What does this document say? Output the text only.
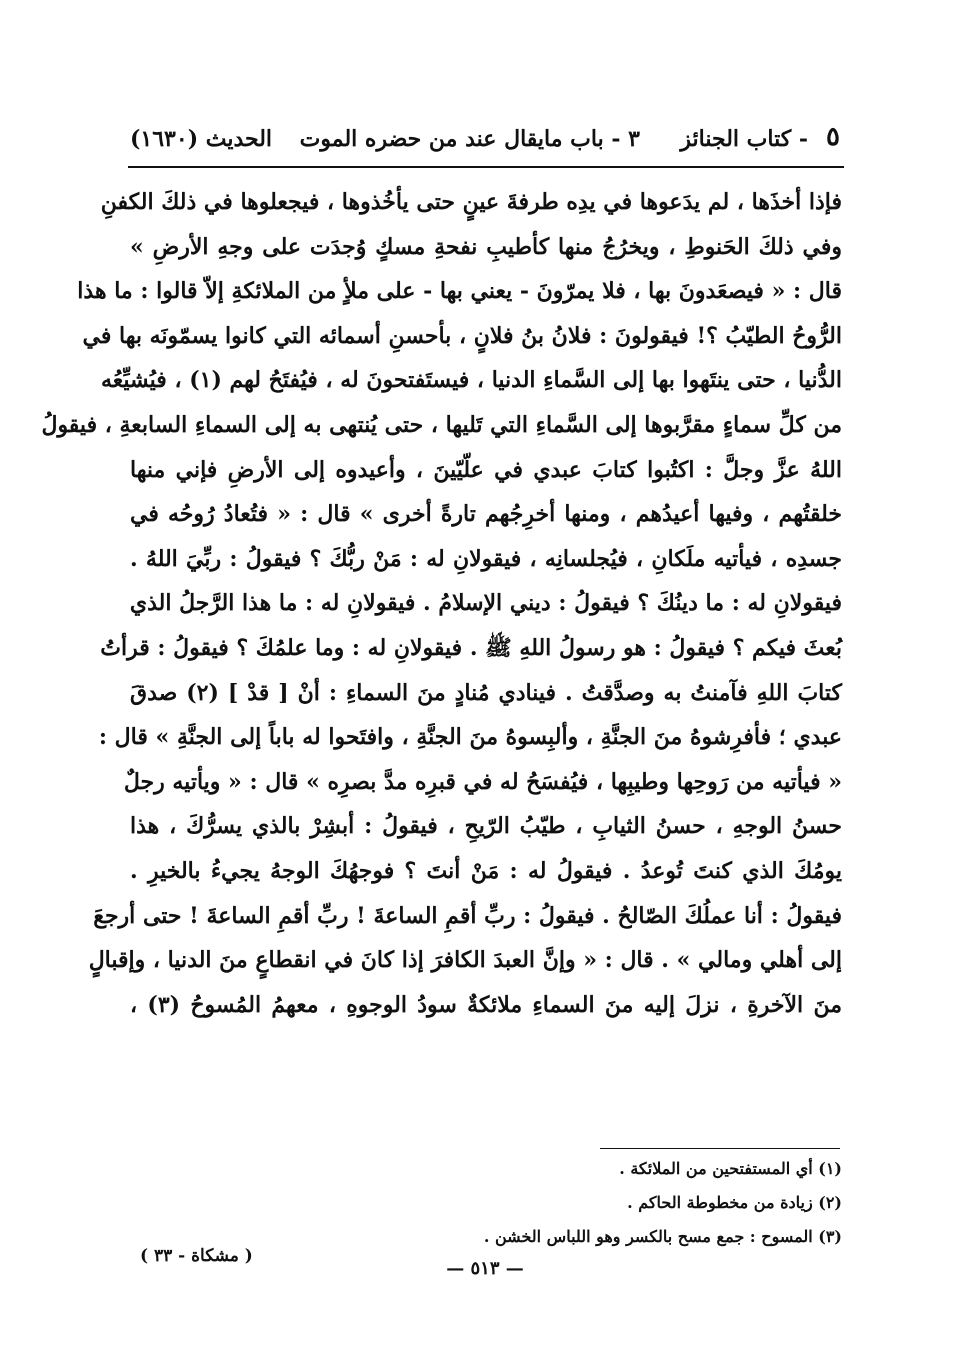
٥
- كتاب الجنائز
٣ - باب مايقال عند من حضره الموت
الحديث (١٦٣٠)
فإذا أخذَها ، لم يدَعوها في يدِه طرفةَ عينٍ حتى يأخُذوها ، فيجعلوها في ذلكَ الكفنِ
وفي ذلكَ الحَنوطِ ، ويخرُجُ منها كأطيبِ نفحةِ مسكٍ وُجدَت على وجهِ الأرضِ »
قال : « فيصعَدونَ بها ، فلا يمرّونَ - يعني بها - على ملأٍ من الملائكةِ إلاّ قالوا : ما هذا
الرُّوحُ الطيّبُ ؟! فيقولونَ : فلانُ بنُ فلانٍ ، بأحسنِ أسمائه التي كانوا يسمّونَه بها في
الدُّنيا ، حتى ينتَهوا بها إلى السَّماءِ الدنيا ، فيستَفتحونَ له ، فيُفتَحُ لهم (١) ، فيُشيِّعُه
من كلِّ سماءٍ مقرَّبوها إلى السَّماءِ التي تَليها ، حتى يُنتهى به إلى السماءِ السابعةِ ، فيقولُ
اللهُ عزَّ وجلَّ : اكتُبوا كتابَ عبدي في علّيّينَ ، وأعيدوه إلى الأرضِ فإني منها
خلقتُهم ، وفيها أعيدُهم ، ومنها أخرِجُهم تارةً أخرى » قال : « فتُعادُ رُوحُه في
جسدِه ، فيأتيه ملَكانِ ، فيُجلسانِه ، فيقولانِ له : مَنْ ربُّكَ ؟ فيقولُ : ربِّيَ اللهُ .
فيقولانِ له : ما دينُكَ ؟ فيقولُ : ديني الإسلامُ . فيقولانِ له : ما هذا الرَّجلُ الذي
بُعثَ فيكم ؟ فيقولُ : هو رسولُ اللهِ ﷺ . فيقولانِ له : وما علمُكَ ؟ فيقولُ : قرأتُ
كتابَ اللهِ فآمنتُ به وصدَّقتُ . فينادي مُنادٍ منَ السماءِ : أنْ [ قدْ ] (٢) صدقَ
عبدي ؛ فأفرِشوهُ منَ الجنَّةِ ، وألبِسوهُ منَ الجنَّةِ ، وافتَحوا له باباً إلى الجنَّةِ » قال :
« فيأتيه من رَوحِها وطيبِها ، فيُفسَحُ له في قبرِه مدَّ بصرِه » قال : « ويأتيه رجلٌ
حسنُ الوجهِ ، حسنُ الثيابِ ، طيّبُ الرّيحِ ، فيقولُ : أبشِرْ بالذي يسرُّكَ ، هذا
يومُكَ الذي كنتَ تُوعدُ . فيقولُ له : مَنْ أنتَ ؟ فوجهُكَ الوجهُ يجيءُ بالخيرِ .
فيقولُ : أنا عملُكَ الصّالحُ . فيقولُ : ربِّ أقمِ الساعةَ ! ربِّ أقمِ الساعةَ ! حتى أرجعَ
إلى أهلي ومالي » . قال : « وإنَّ العبدَ الكافرَ إذا كانَ في انقطاعٍ منَ الدنيا ، وإقبالٍ
منَ الآخرةِ ، نزلَ إليه منَ السماءِ ملائكةٌ سودُ الوجوهِ ، معهمُ المُسوحُ (٣) ،
(١) أي المستفتحين من الملائكة .
(٢) زيادة من مخطوطة الحاكم .
(٣) المسوح : جمع مسح بالكسر وهو اللباس الخشن .
— ٥١٣ —
( مشكاة - ٣٣ )
